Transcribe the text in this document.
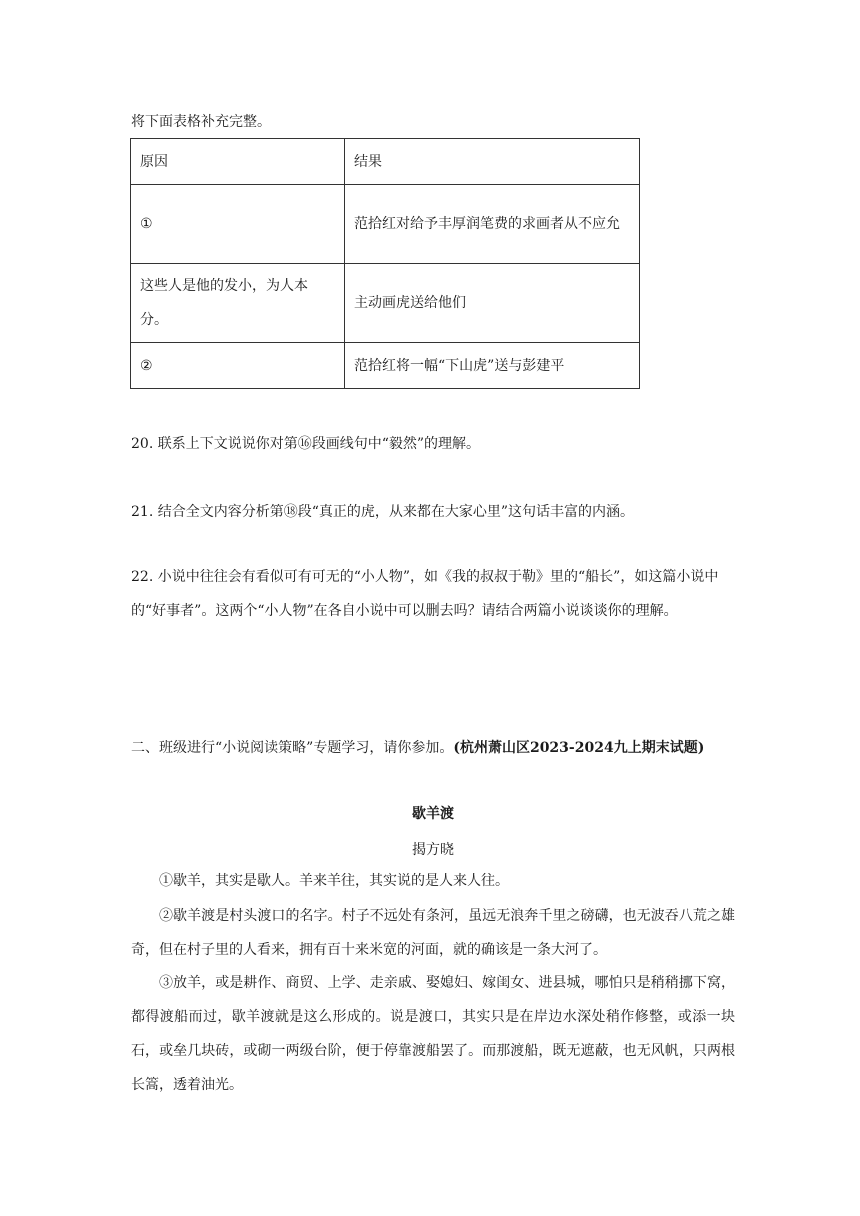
将下面表格补充完整。
原因	结果
①	范拾红对给予丰厚润笔费的求画者从不应允
这些人是他的发小，为人本分。	主动画虎送给他们
②	范拾红将一幅“下山虎”送与彭建平
20. 联系上下文说说你对第⑯段画线句中“毅然”的理解。
21. 结合全文内容分析第⑱段“真正的虎，从来都在大家心里”这句话丰富的内涵。
22. 小说中往往会有看似可有可无的“小人物”，如《我的叔叔于勒》里的“船长”，如这篇小说中的“好事者”。这两个“小人物”在各自小说中可以删去吗？请结合两篇小说谈谈你的理解。
二、班级进行“小说阅读策略”专题学习，请你参加。(杭州萧山区2023-2024九上期末试题)
歇羊渡
揭方晓
①歇羊，其实是歇人。羊来羊往，其实说的是人来人往。
②歇羊渡是村头渡口的名字。村子不远处有条河，虽远无浪奔千里之磅礴，也无波吞八荒之雄奇，但在村子里的人看来，拥有百十来米宽的河面，就的确该是一条大河了。
③放羊，或是耕作、商贸、上学、走亲戚、娶媳妇、嫁闺女、进县城，哪怕只是稍稍挪下窝，都得渡船而过，歇羊渡就是这么形成的。说是渡口，其实只是在岸边水深处稍作修整，或添一块石，或垒几块砖，或砌一两级台阶，便于停靠渡船罢了。而那渡船，既无遮蔽，也无风帆，只两根长篙，透着油光。
